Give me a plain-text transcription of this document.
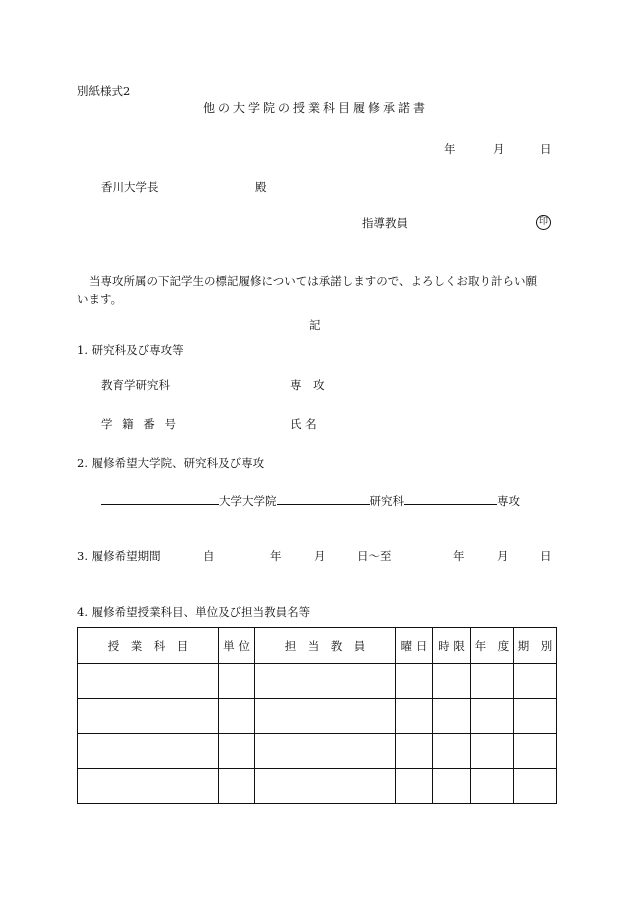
別紙様式2
他の大学院の授業科目履修承諾書
年	月	日
香川大学長	殿
指導教員	印
当専攻所属の下記学生の標記履修については承諾しますので、よろしくお取り計らい願
います。
記
1. 研究科及び専攻等
教育学研究科	専　攻
学 籍 番 号	氏 名
2. 履修希望大学院、研究科及び専攻
大学大学院	研究科	専攻
3. 履修希望期間	自	年	月	日～至	年	月	日
4. 履修希望授業科目、単位及び担当教員名等
授　業　科　目	単 位	担　当　教　員	曜 日	時 限	年　度	期　別
